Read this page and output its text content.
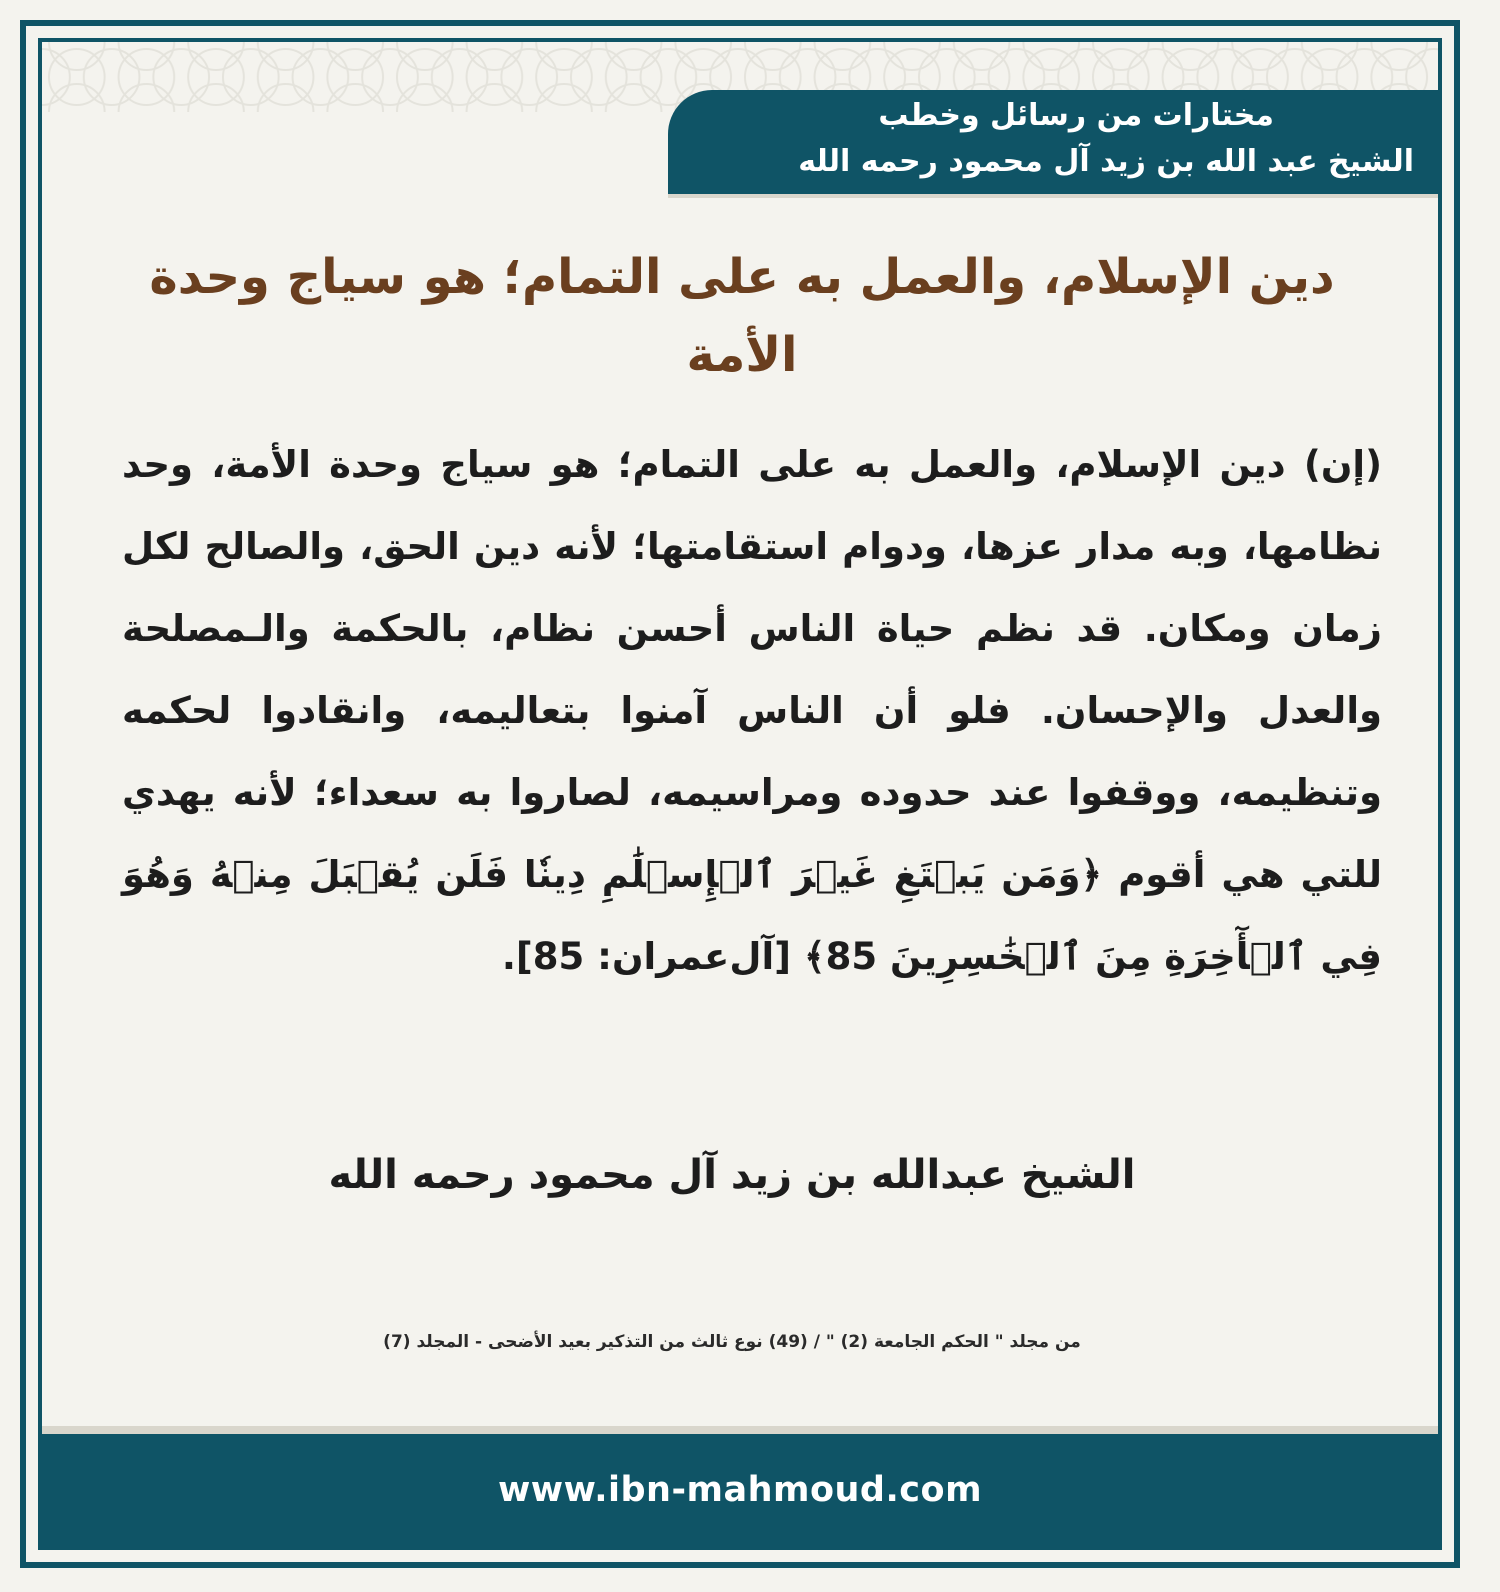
مختارات من رسائل وخطب
الشيخ عبد الله بن زيد آل محمود رحمه الله
دين الإسلام، والعمل به على التمام؛ هو سياج وحدة الأمة
(إن) دين الإسلام، والعمل به على التمام؛ هو سياج وحدة الأمة، وحد نظامها، وبه مدار عزها، ودوام استقامتها؛ لأنه دين الحق، والصالح لكل زمان ومكان. قد نظم حياة الناس أحسن نظام، بالحكمة والـمصلحة والعدل والإحسان. فلو أن الناس آمنوا بتعاليمه، وانقادوا لحكمه وتنظيمه، ووقفوا عند حدوده ومراسيمه، لصاروا به سعداء؛ لأنه يهدي للتي هي أقوم ﴿وَمَن يَبۡتَغِ غَيۡرَ ٱلۡإِسۡلَٰمِ دِينٗا فَلَن يُقۡبَلَ مِنۡهُ وَهُوَ فِي ٱلۡأٓخِرَةِ مِنَ ٱلۡخَٰسِرِينَ 85﴾ [آل‌عمران: 85].
الشيخ عبدالله بن زيد آل محمود رحمه الله
من مجلد " الحكم الجامعة (2) " / (49) نوع ثالث من التذكير بعيد الأضحى - المجلد (7)
www.ibn-mahmoud.com
